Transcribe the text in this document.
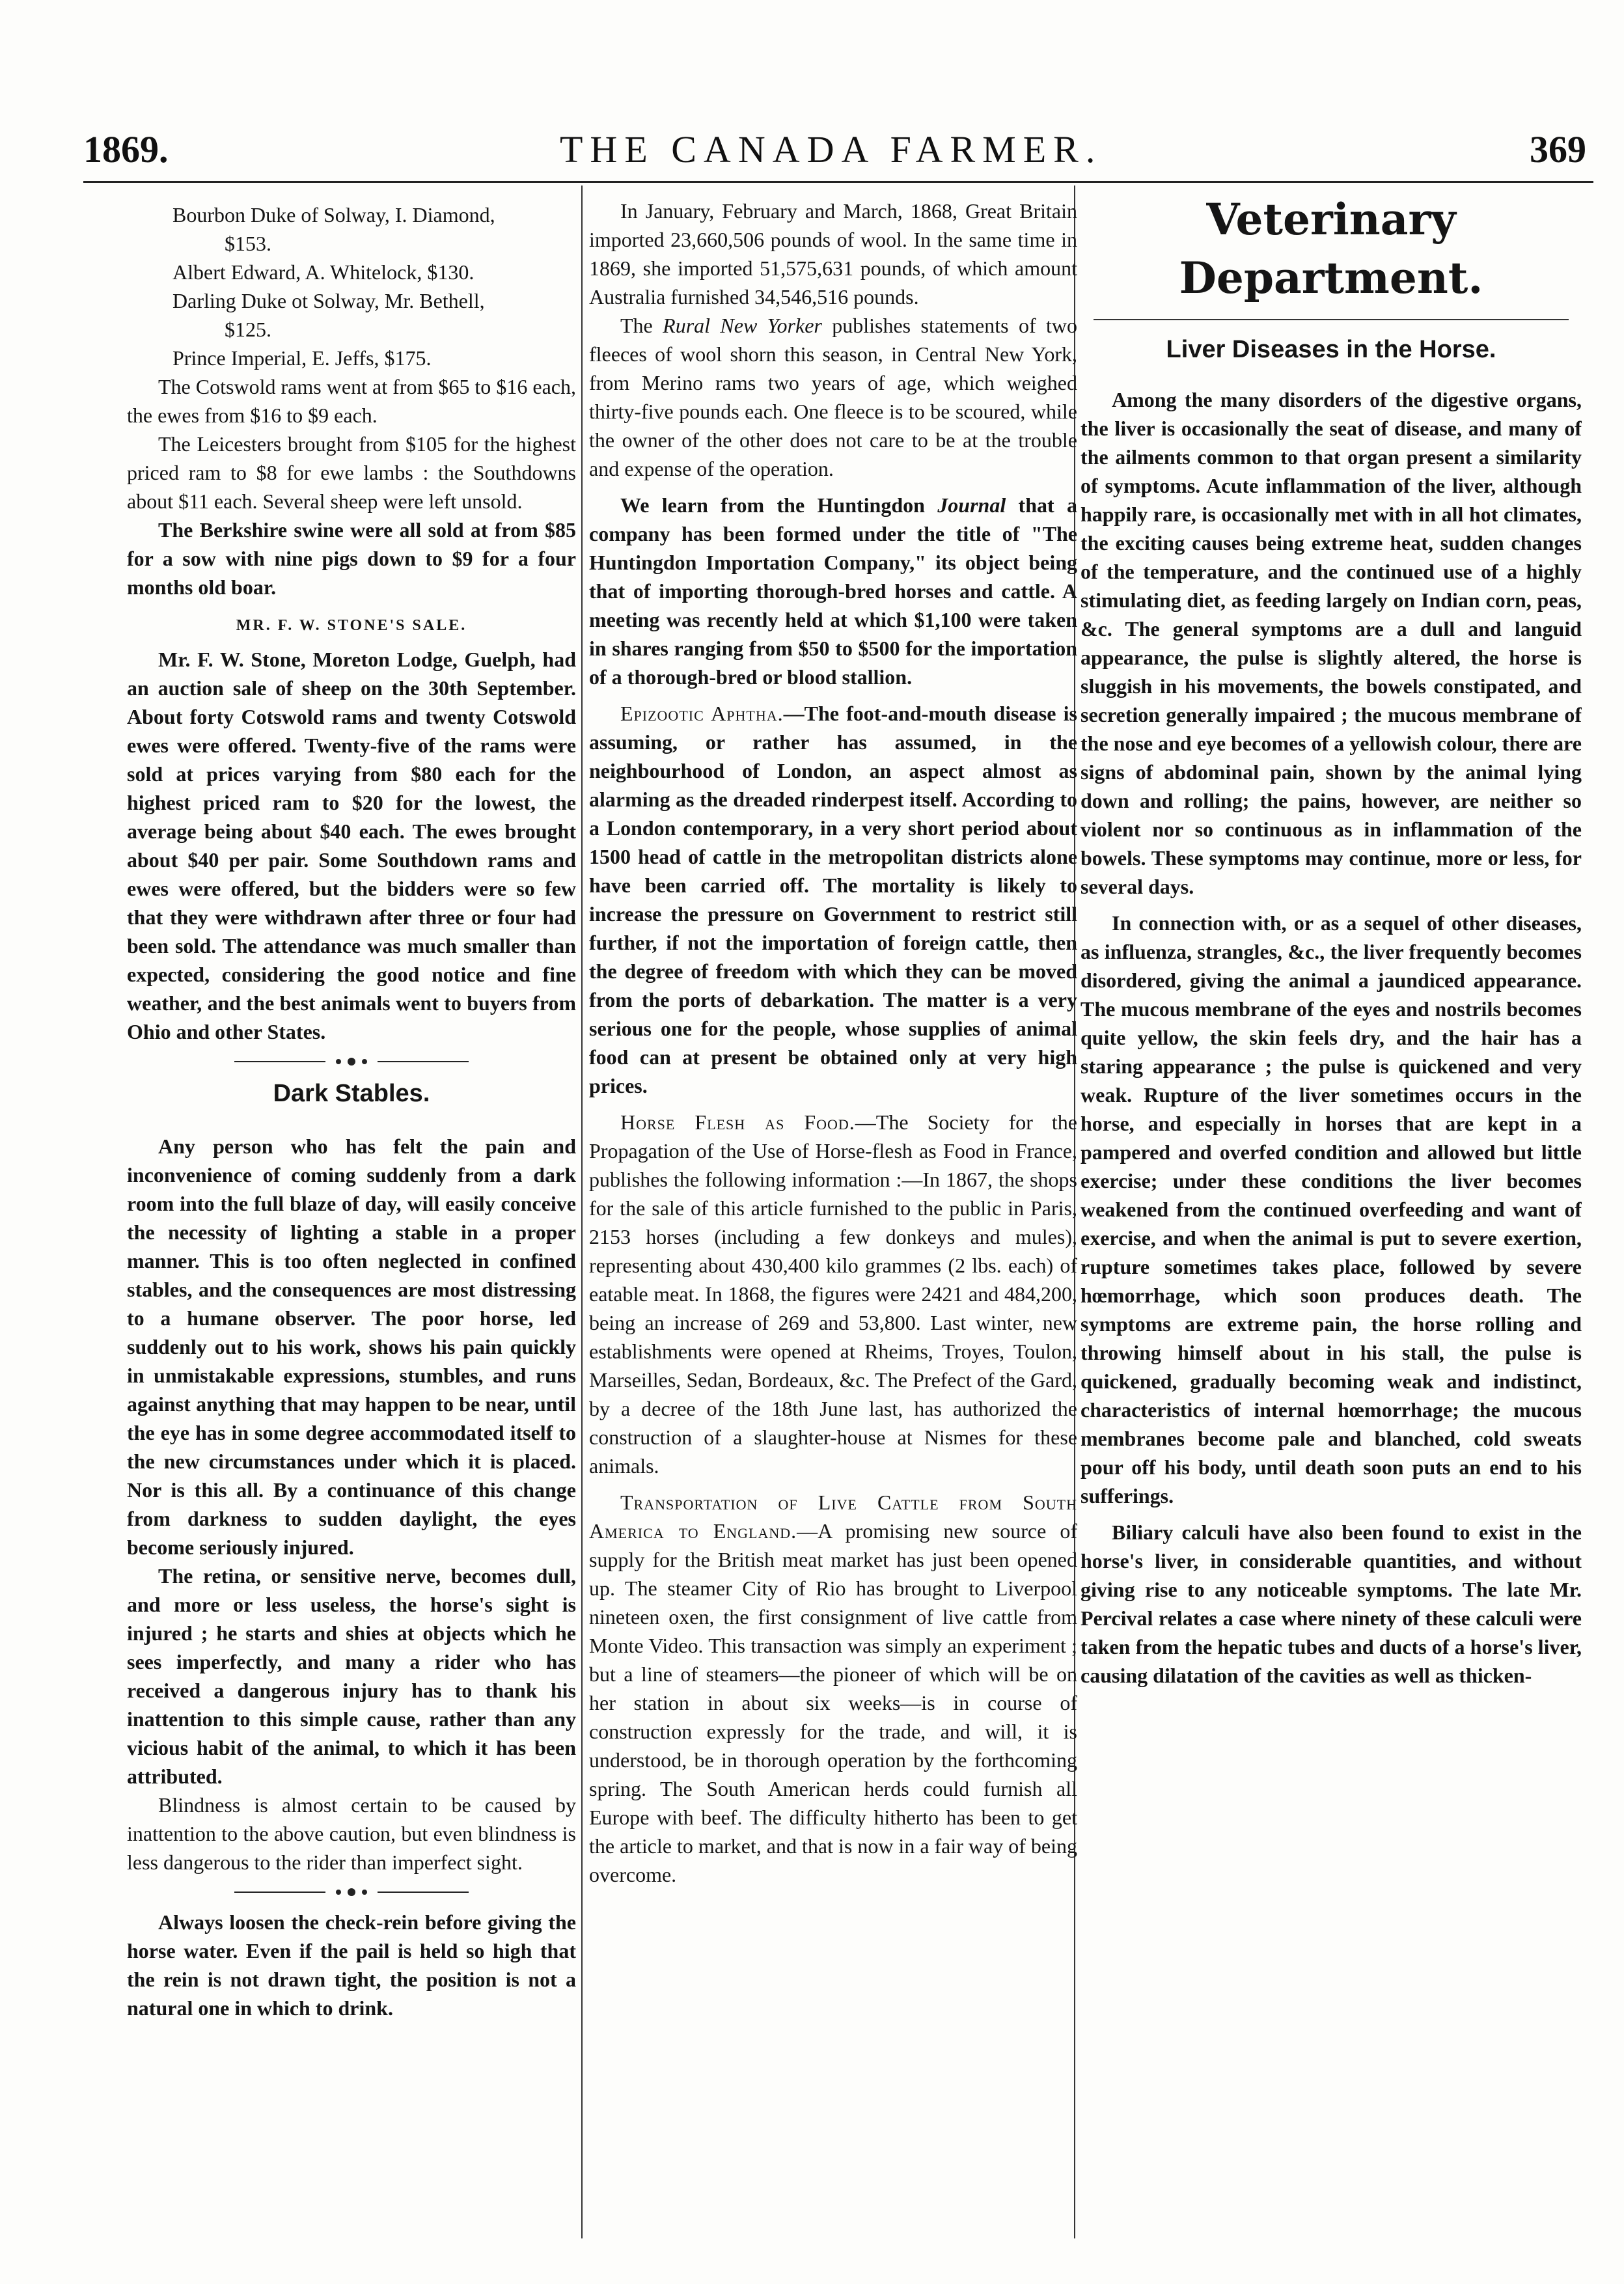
1869.	THE CANADA FARMER.	369

Bourbon Duke of Solway, I. Diamond,

$153.

Albert Edward, A. Whitelock, $130.

Darling Duke ot Solway, Mr. Bethell,

$125.

Prince Imperial, E. Jeffs, $175.

The Cotswold rams went at from $65 to $16 each, the ewes from $16 to $9 each.

The Leicesters brought from $105 for the highest priced ram to $8 for ewe lambs : the Southdowns about $11 each. Several sheep were left unsold.

The Berkshire swine were all sold at from $85 for a sow with nine pigs down to $9 for a four months old boar.

MR. F. W. STONE'S SALE.

Mr. F. W. Stone, Moreton Lodge, Guelph, had an auction sale of sheep on the 30th September. About forty Cotswold rams and twenty Cotswold ewes were offered. Twenty-five of the rams were sold at prices varying from $80 each for the highest priced ram to $20 for the lowest, the average being about $40 each. The ewes brought about $40 per pair. Some Southdown rams and ewes were offered, but the bidders were so few that they were withdrawn after three or four had been sold. The attendance was much smaller than expected, considering the good notice and fine weather, and the best animals went to buyers from Ohio and other States.

Dark Stables.

Any person who has felt the pain and inconvenience of coming suddenly from a dark room into the full blaze of day, will easily conceive the necessity of lighting a stable in a proper manner. This is too often neglected in confined stables, and the consequences are most distressing to a humane observer. The poor horse, led suddenly out to his work, shows his pain quickly in unmistakable expressions, stumbles, and runs against anything that may happen to be near, until the eye has in some degree accommodated itself to the new circumstances under which it is placed. Nor is this all. By a continuance of this change from darkness to sudden daylight, the eyes become seriously injured.

The retina, or sensitive nerve, becomes dull, and more or less useless, the horse's sight is injured ; he starts and shies at objects which he sees imperfectly, and many a rider who has received a dangerous injury has to thank his inattention to this simple cause, rather than any vicious habit of the animal, to which it has been attributed.

Blindness is almost certain to be caused by inattention to the above caution, but even blindness is less dangerous to the rider than imperfect sight.

Always loosen the check-rein before giving the horse water. Even if the pail is held so high that the rein is not drawn tight, the position is not a natural one in which to drink.

In January, February and March, 1868, Great Britain imported 23,660,506 pounds of wool. In the same time in 1869, she imported 51,575,631 pounds, of which amount Australia furnished 34,546,516 pounds.

The Rural New Yorker publishes statements of two fleeces of wool shorn this season, in Central New York, from Merino rams two years of age, which weighed thirty-five pounds each. One fleece is to be scoured, while the owner of the other does not care to be at the trouble and expense of the operation.

We learn from the Huntingdon Journal that a company has been formed under the title of "The Huntingdon Importation Company," its object being that of importing thorough-bred horses and cattle. A meeting was recently held at which $1,100 were taken in shares ranging from $50 to $500 for the importation of a thorough-bred or blood stallion.

Epizootic Aphtha.—The foot-and-mouth disease is assuming, or rather has assumed, in the neighbourhood of London, an aspect almost as alarming as the dreaded rinderpest itself. According to a London contemporary, in a very short period about 1500 head of cattle in the metropolitan districts alone have been carried off. The mortality is likely to increase the pressure on Government to restrict still further, if not the importation of foreign cattle, then the degree of freedom with which they can be moved from the ports of debarkation. The matter is a very serious one for the people, whose supplies of animal food can at present be obtained only at very high prices.

Horse Flesh as Food.—The Society for the Propagation of the Use of Horse-flesh as Food in France, publishes the following information :—In 1867, the shops for the sale of this article furnished to the public in Paris, 2153 horses (including a few donkeys and mules), representing about 430,400 kilo grammes (2 lbs. each) of eatable meat. In 1868, the figures were 2421 and 484,200, being an increase of 269 and 53,800. Last winter, new establishments were opened at Rheims, Troyes, Toulon, Marseilles, Sedan, Bordeaux, &c. The Prefect of the Gard, by a decree of the 18th June last, has authorized the construction of a slaughter-house at Nismes for these animals.

Transportation of Live Cattle from South America to England.—A promising new source of supply for the British meat market has just been opened up. The steamer City of Rio has brought to Liverpool nineteen oxen, the first consignment of live cattle from Monte Video. This transaction was simply an experiment ; but a line of steamers—the pioneer of which will be on her station in about six weeks—is in course of construction expressly for the trade, and will, it is understood, be in thorough operation by the forthcoming spring. The South American herds could furnish all Europe with beef. The difficulty hitherto has been to get the article to market, and that is now in a fair way of being overcome.

Veterinary Department.
Liver Diseases in the Horse.

Among the many disorders of the digestive organs, the liver is occasionally the seat of disease, and many of the ailments common to that organ present a similarity of symptoms. Acute inflammation of the liver, although happily rare, is occasionally met with in all hot climates, the exciting causes being extreme heat, sudden changes of the temperature, and the continued use of a highly stimulating diet, as feeding largely on Indian corn, peas, &c. The general symptoms are a dull and languid appearance, the pulse is slightly altered, the horse is sluggish in his movements, the bowels constipated, and secretion generally impaired ; the mucous membrane of the nose and eye becomes of a yellowish colour, there are signs of abdominal pain, shown by the animal lying down and rolling; the pains, however, are neither so violent nor so continuous as in inflammation of the bowels. These symptoms may continue, more or less, for several days.

In connection with, or as a sequel of other diseases, as influenza, strangles, &c., the liver frequently becomes disordered, giving the animal a jaundiced appearance. The mucous membrane of the eyes and nostrils becomes quite yellow, the skin feels dry, and the hair has a staring appearance ; the pulse is quickened and very weak. Rupture of the liver sometimes occurs in the horse, and especially in horses that are kept in a pampered and overfed condition and allowed but little exercise; under these conditions the liver becomes weakened from the continued overfeeding and want of exercise, and when the animal is put to severe exertion, rupture sometimes takes place, followed by severe hœmorrhage, which soon produces death. The symptoms are extreme pain, the horse rolling and throwing himself about in his stall, the pulse is quickened, gradually becoming weak and indistinct, characteristics of internal hœmorrhage; the mucous membranes become pale and blanched, cold sweats pour off his body, until death soon puts an end to his sufferings.

Biliary calculi have also been found to exist in the horse's liver, in considerable quantities, and without giving rise to any noticeable symptoms. The late Mr. Percival relates a case where ninety of these calculi were taken from the hepatic tubes and ducts of a horse's liver, causing dilatation of the cavities as well as thicken-
